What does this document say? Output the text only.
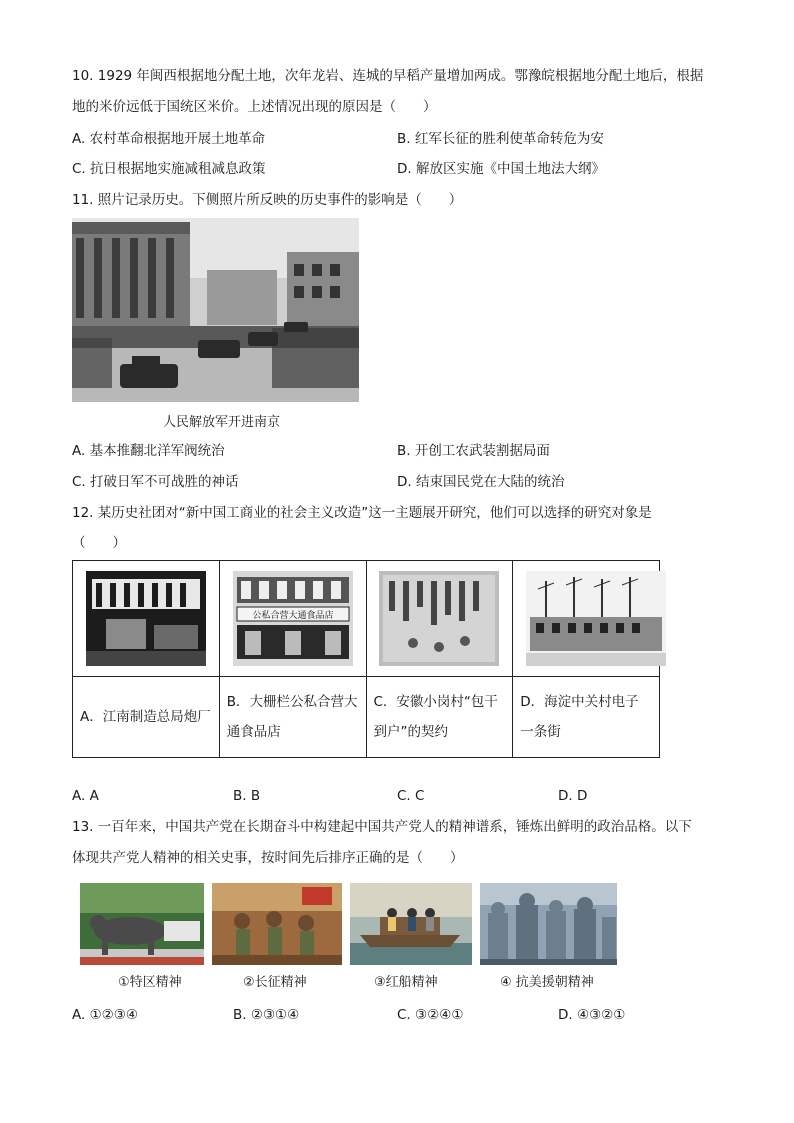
10. 1929 年闽西根据地分配土地，次年龙岩、连城的早稻产量增加两成。鄂豫皖根据地分配土地后，根据
地的米价远低于国统区米价。上述情况出现的原因是（　　）
A. 农村革命根据地开展土地革命	B. 红军长征的胜利使革命转危为安
C. 抗日根据地实施减租减息政策	D. 解放区实施《中国土地法大纲》
11. 照片记录历史。下侧照片所反映的历史事件的影响是（　　）
人民解放军开进南京
A. 基本推翻北洋军阀统治	B. 开创工农武装割据局面
C. 打破日军不可战胜的神话	D. 结束国民党在大陆的统治
12. 某历史社团对“新中国工商业的社会主义改造”这一主题展开研究，他们可以选择的研究对象是
（　　）

公私合营大通食品店

A．江南制造总局炮厂	B．大栅栏公私合营大通食品店	C．安徽小岗村“包干到户”的契约	D．海淀中关村电子一条街
A. A	B. B	C. C	D. D
13. 一百年来，中国共产党在长期奋斗中构建起中国共产党人的精神谱系，锤炼出鲜明的政治品格。以下
体现共产党人精神的相关史事，按时间先后排序正确的是（　　）
①特区精神	②长征精神	③红船精神	④ 抗美援朝精神
A. ①②③④	B. ②③①④	C. ③②④①	D. ④③②①
